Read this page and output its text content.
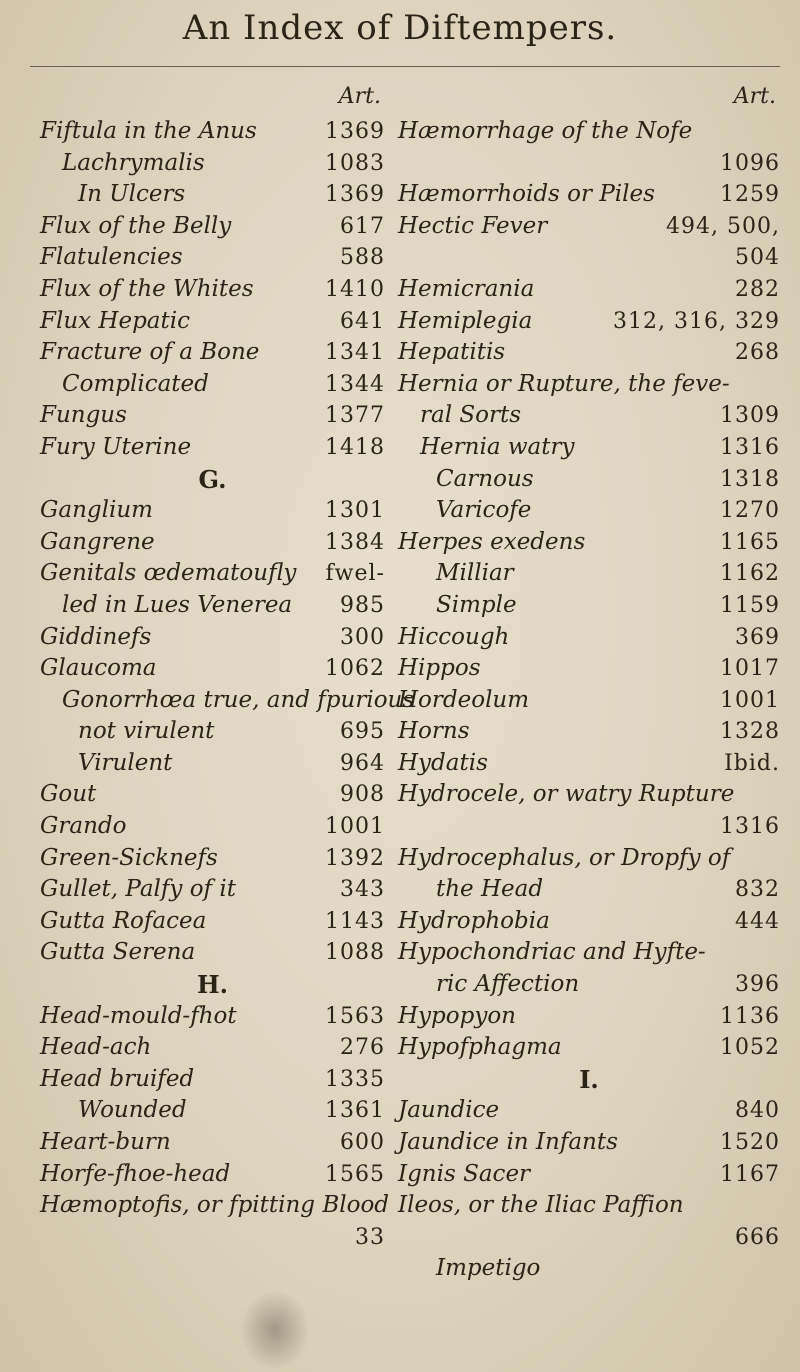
An Index of Diftempers.
Art.
Fiftula in the Anus	1369
Lachrymalis	1083
In Ulcers	1369
Flux of the Belly	617
Flatulencies	588
Flux of the Whites	1410
Flux Hepatic	641
Fracture of a Bone	1341
Complicated	1344
Fungus	1377
Fury Uterine	1418
G.
Ganglium	1301
Gangrene	1384
Genitals œdematoufly fwel-
led in Lues Venerea 985
Giddinefs	300
Glaucoma	1062
Gonorrhœa true, and fpurious
not virulent	695
Virulent	964
Gout	908
Grando	1001
Green-Sicknefs	1392
Gullet, Palfy of it	343
Gutta Rofacea	1143
Gutta Serena	1088
H.
Head-mould-fhot	1563
Head-ach	276
Head bruifed	1335
Wounded	1361
Heart-burn	600
Horfe-fhoe-head	1565
Hæmoptofis, or fpitting Blood
33
Art.
Hæmorrhage of the Nofe
1096
Hæmorrhoids or Piles	1259
Hectic Fever	494, 500,
504
Hemicrania	282
Hemiplegia	312, 316, 329
Hepatitis	268
Hernia or Rupture, the feve-
ral Sorts	1309
Hernia watry	1316
Carnous	1318
Varicofe	1270
Herpes exedens	1165
Milliar	1162
Simple	1159
Hiccough	369
Hippos	1017
Hordeolum	1001
Horns	1328
Hydatis	Ibid.
Hydrocele, or watry Rupture
1316
Hydrocephalus, or Dropfy of
the Head	832
Hydrophobia	444
Hypochondriac and Hyfte-
ric Affection	396
Hypopyon	1136
Hypofphagma	1052
I.
Jaundice	840
Jaundice in Infants	1520
Ignis Sacer	1167
Ileos, or the Iliac Paffion
666
Impetigo
